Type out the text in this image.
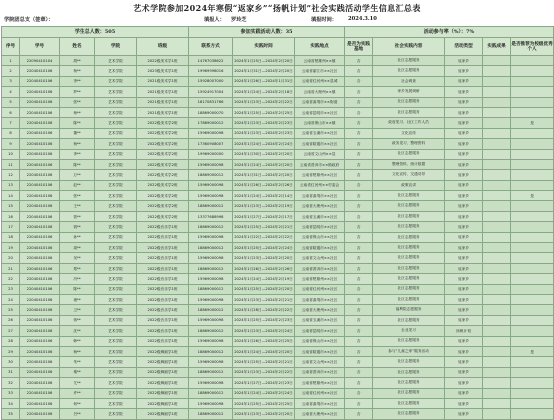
艺术学院参加2024年寒假“返家乡”“扬帆计划”社会实践活动学生信息汇总表
学院团总支（签章）：	填报人： 罗玲芝	填报时间： 2024.3.10
学生总人数：505					参加实践活动人数：35			活动参与率（%）：7%				
序号	学号	姓名	学院	班级	联系方式	实践时间	实践地点	是否为实践基地	社会实践内容	活动类型	实践成果	是否推荐为校级优秀个人
1	22090410104	胡**	艺术学院	2022级美术学1班	14767038622	2024年1月25日—2024年2月20日	云南省楚雄州××镇	否	社区志愿服务	返家乡		
2	22040410106	杨**	艺术学院	2023级美术学1班	19969998016	2024年1月31日—2024年2月20日	云南省丽江市××社区	否	社区志愿服务	返家乡		
3	22040410106	李**	艺术学院	2021级美术学1班	15928007000	2024年1月26日—2024年1月31日	云南省红河州××县城	否	社会调查	返家乡		
4	22040410106	罗**	艺术学院	2021级美术学1班	15924917004	2024年1月24日—2024年2月18日	云南省大理州××镇	否	家乡发展调研	返家乡		
5	22040410106	张**	艺术学院	2021级美术学1班	18170831766	2024年1月23日—2024年2月22日	云南省曲靖市××街道	否	社区志愿服务	返家乡		
6	22040410106	杨**	艺术学院	2021级美术学1班	18869000070	2024年1月25日—2024年2月25日	云南省昆明市××社区	否	社区志愿服务	返家乡		
7	22040410106	陈**	艺术学院	2022级美术学2班	17869000012	2024年1月23日—2024年2月23日	云南省保山市××镇	否	政府见习、社区工作人员	返家乡		是
8	22040410106	董**	艺术学院	2022级美术学2班	15969000098	2024年1月23日—2024年2月23日	云南省玉溪市××社区	否	文化宣传	返家乡		
9	22040410106	杨**	艺术学院	2022级美术学2班	17360908007	2024年1月24日—2024年2月24日	云南省昭通市××社区	否	政务见习、整理资料	返家乡		
10	22040410106	李**	艺术学院	2022级美术学2班	19969000000	2024年1月30日—2024年2月20日	云南省文山州××县	否	社区志愿服务	返家乡		
11	22040410106	陈**	艺术学院	2022级美术学2班	15969000098	2024年1月24日—2024年2月20日	云南省普洱市××镇政府	否	整理资料、统计数据	返家乡		
12	22040410106	万**	艺术学院	2022级美术学2班	18869000012	2024年1月31日—2024年2月20日	云南省楚雄州××社区	否	文化宣传、交通劝导	返家乡		
13	22040410106	赵**	艺术学院	2022级美术学2班	15969000098	2024年1月26日—2024年2月26日	云南省红河州××村委会	否	政策宣讲	返家乡		
14	22040410106	张**	艺术学院	2022级美术学2班	15969000098	2024年1月24日—2024年2月14日	云南省曲靖市××社区	否	社区志愿服务	返家乡		是
15	22040410106	王**	艺术学院	2022级美术学2班	18869000012	2024年1月23日—2024年2月19日	云南省大理州××社区	否	社区志愿服务	返家乡		
16	22040410106	曾**	艺术学院	2022级美术学2班	13377688998	2024年1月27日—2024年2月17日	云南省玉溪市××社区	否	社区志愿服务	返家乡		
17	22040410106	钱**	艺术学院	2022级音乐学1班	18869000012	2024年1月25日—2024年2月21日	云南省昆明市××社区	否	社区志愿服务	返家乡		
18	22040410106	孙**	艺术学院	2022级音乐学1班	15969000098	2024年1月22日—2024年2月22日	云南省保山市××社区	否	社区志愿服务	返家乡		
19	22040410106	周**	艺术学院	2022级音乐学1班	18869000012	2024年1月25日—2024年2月24日	云南省昭通市××社区	否	社区志愿服务	返家乡		
20	22040410106	吴**	艺术学院	2022级音乐学1班	15969000098	2024年1月23日—2024年2月20日	云南省文山州××社区	否	社区志愿服务	返家乡		
21	22040410106	郑**	艺术学院	2022级音乐学1班	18869000012	2024年1月26日—2024年2月26日	云南省普洱市××社区	否	社区志愿服务	返家乡		
22	22040410106	冯**	艺术学院	2022级音乐学1班	15969000098	2024年1月24日—2024年2月19日	云南省楚雄州××社区	否	社区志愿服务	返家乡		
23	22040410106	陈**	艺术学院	2022级音乐学1班	18869000012	2024年1月25日—2024年2月20日	云南省红河州××社区	否	社区志愿服务	返家乡		
24	22040410106	褚**	艺术学院	2022级音乐学1班	15969000098	2024年1月23日—2024年2月21日	云南省曲靖市××社区	否	社区志愿服务	返家乡		
25	22040410106	卫**	艺术学院	2022级音乐学1班	18869000012	2024年1月28日—2024年2月22日	云南省大理州××社区	否	福利院志愿服务	返家乡		
26	22040410106	蒋**	艺术学院	2022级音乐学1班	15969000098	2024年1月25日—2024年2月23日	云南省玉溪市××社区	否	社区志愿服务	返家乡		
27	22040410106	沈**	艺术学院	2022级音乐学1班	18869000012	2024年1月23日—2024年2月24日	云南省昆明市××社区	否	企业见习	扬帆计划		
28	22040410106	韩**	艺术学院	2022级音乐学1班	15969000098	2024年1月26日—2024年2月25日	云南省保山市××社区	否	社区志愿服务	返家乡		
29	22040410106	杨**	艺术学院	2022级舞蹈学1班	18869000012	2024年1月24日—2024年2月20日	云南省昭通市××社区	否	参与“儿童之家”服务活动	返家乡		是
30	22040410106	朱**	艺术学院	2022级舞蹈学1班	15969000098	2024年1月25日—2024年2月21日	云南省文山州××社区	否	社区志愿服务	返家乡		
31	22040410106	秦**	艺术学院	2022级舞蹈学1班	18869000012	2024年1月23日—2024年2月22日	云南省普洱市××社区	否	社区志愿服务	返家乡		
32	22040410106	尤**	艺术学院	2022级舞蹈学1班	15969000098	2024年1月27日—2024年2月23日	云南省楚雄州××社区	否	社区志愿服务	返家乡		
33	22040410106	许**	艺术学院	2022级舞蹈学1班	18869000012	2024年1月24日—2024年2月24日	云南省红河州××社区	否	社区志愿服务	返家乡		
34	22040410106	何**	艺术学院	2022级舞蹈学1班	15969000098	2024年1月25日—2024年2月25日	云南省曲靖市××社区	否	社区志愿服务	返家乡		
35	22040410106	吕**	艺术学院	2022级舞蹈学1班	18869000012	2024年1月23日—2024年2月20日	云南省大理州××社区	否	社区志愿服务	返家乡		
